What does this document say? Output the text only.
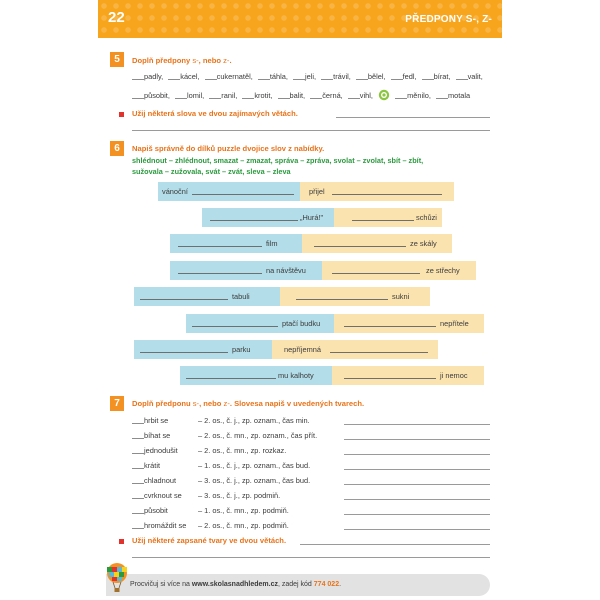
22	PŘEDPONY S-, Z-
5	Doplň předpony s-, nebo z-.
padly, kácel, cukernatěl, táhla, jeli, trávil, bělel, fedl, bírat, valit,
působit, lomil, ranil, krotit, balit, černá, vihl,	měnilo, motala
Užij některá slova ve dvou zajímavých větách.
6	Napiš správně do dílků puzzle dvojice slov z nabídky.
shlédnout – zhlédnout, smazat – zmazat, správa – zpráva, svolat – zvolat, sbít – zbít,
sužovala – zužovala, svát – zvát, sleva – zleva
vánoční	přijel
„Hurá!"	schůzi
film	ze skály
na návštěvu	ze střechy
tabuli	sukni
ptačí budku	nepřítele
parku	nepříjemná
mu kalhoty	ji nemoc
7	Doplň předponu s-, nebo z-. Slovesa napiš v uvedených tvarech.
hrbit se	– 2. os., č. j., zp. oznam., čas min.
bíhat se	– 2. os., č. mn., zp. oznam., čas přít.
jednodušit	– 2. os., č. mn., zp. rozkaz.
krátit	– 1. os., č. j., zp. oznam., čas bud.
chladnout	– 3. os., č. j., zp. oznam., čas bud.
cvrknout se – 3. os., č. j., zp. podmiň.
působit	– 1. os., č. mn., zp. podmiň.
hromáždit se – 2. os., č. mn., zp. podmiň.
Užij některé zapsané tvary ve dvou větách.
Procvičuj si více na www.skolasnadhledem.cz, zadej kód 774 022.
